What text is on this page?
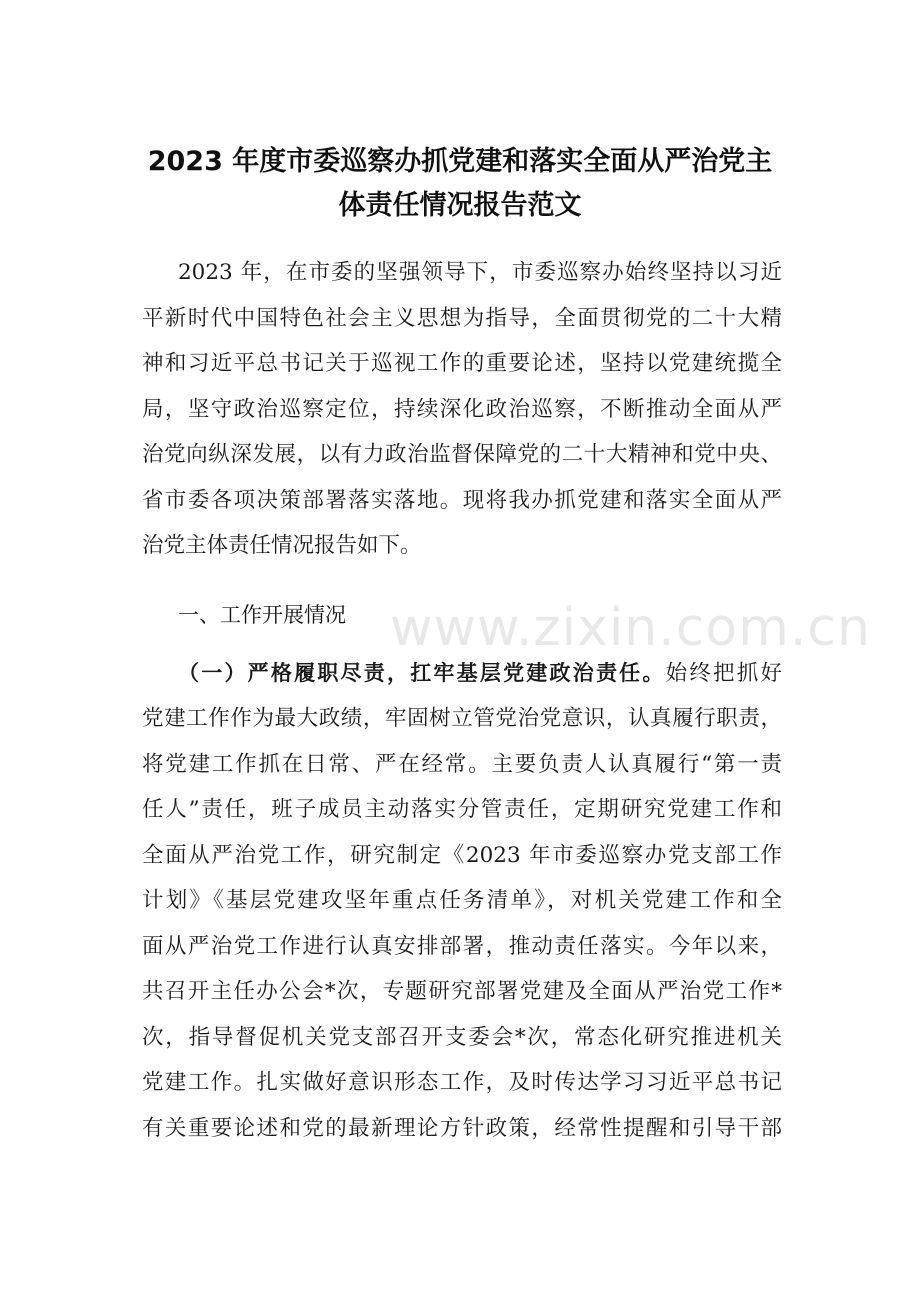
2023 年度市委巡察办抓党建和落实全面从严治党主
体责任情况报告范文
2023 年，在市委的坚强领导下，市委巡察办始终坚持以习近
平新时代中国特色社会主义思想为指导，全面贯彻党的二十大精
神和习近平总书记关于巡视工作的重要论述，坚持以党建统揽全
局，坚守政治巡察定位，持续深化政治巡察，不断推动全面从严
治党向纵深发展，以有力政治监督保障党的二十大精神和党中央、
省市委各项决策部署落实落地。现将我办抓党建和落实全面从严
治党主体责任情况报告如下。
一、工作开展情况
（一）严格履职尽责，扛牢基层党建政治责任。始终把抓好
党建工作作为最大政绩，牢固树立管党治党意识，认真履行职责，
将党建工作抓在日常、严在经常。主要负责人认真履行“第一责
任人”责任，班子成员主动落实分管责任，定期研究党建工作和
全面从严治党工作，研究制定《2023 年市委巡察办党支部工作
计划》《基层党建攻坚年重点任务清单》，对机关党建工作和全
面从严治党工作进行认真安排部署，推动责任落实。今年以来，
共召开主任办公会*次，专题研究部署党建及全面从严治党工作*
次，指导督促机关党支部召开支委会*次，常态化研究推进机关
党建工作。扎实做好意识形态工作，及时传达学习习近平总书记
有关重要论述和党的最新理论方针政策，经常性提醒和引导干部
www.zixin.com.cn
